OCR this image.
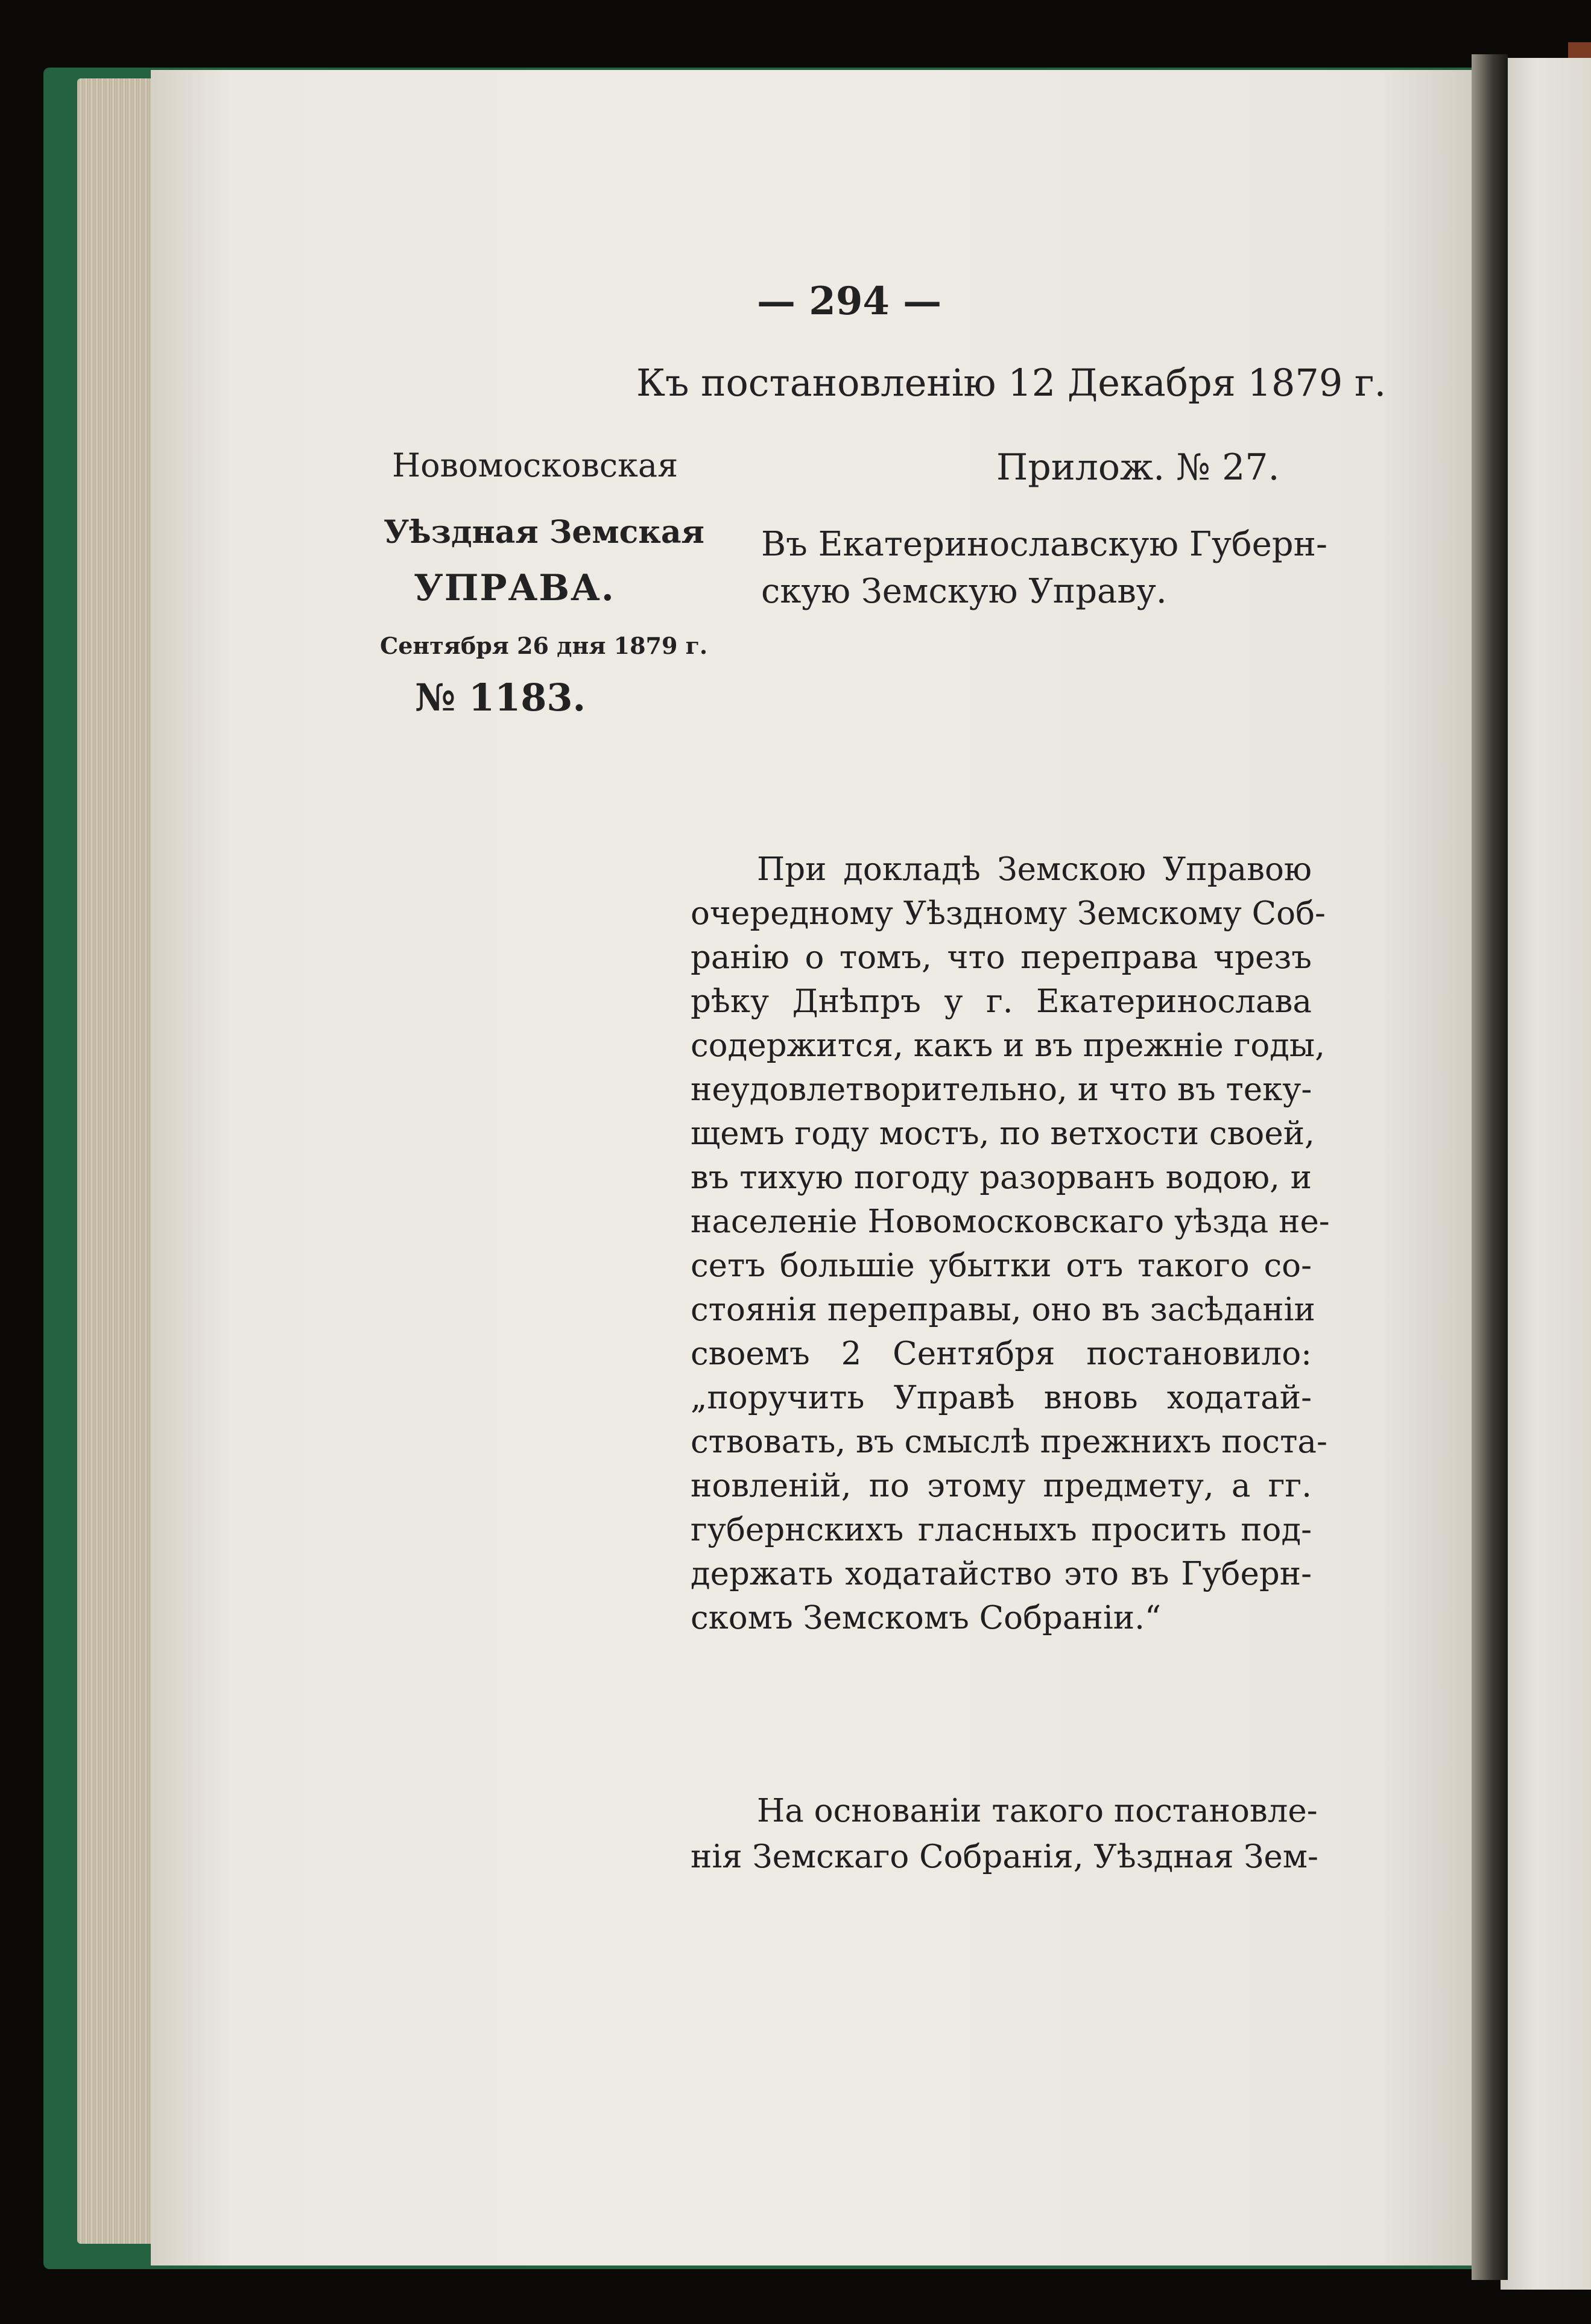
— 294 —
Къ постановленію 12 Декабря 1879 г.
Новомосковская
Уѣздная Земская
УПРАВА.
Сентября 26 дня 1879 г.
№ 1183.
Прилож. № 27.
Въ Екатеринославскую Губерн-
скую Земскую Управу.
При докладѣ Земскою Управою
очередному Уѣздному Земскому Соб-
ранію о томъ, что переправа чрезъ
рѣку Днѣпръ у г. Екатеринослава
содержится, какъ и въ прежніе годы,
неудовлетворительно, и что въ теку-
щемъ году мостъ, по ветхости своей,
въ тихую погоду разорванъ водою, и
населеніе Новомосковскаго уѣзда не-
сетъ большіе убытки отъ такого со-
стоянія переправы, оно въ засѣданіи
своемъ 2 Сентября постановило:
„поручить Управѣ вновь ходатай-
ствовать, въ смыслѣ прежнихъ поста-
новленій, по этому предмету, а гг.
губернскихъ гласныхъ просить под-
держать ходатайство это въ Губерн-
скомъ Земскомъ Собраніи.“
На основаніи такого постановле-
нія Земскаго Собранія, Уѣздная Зем-
